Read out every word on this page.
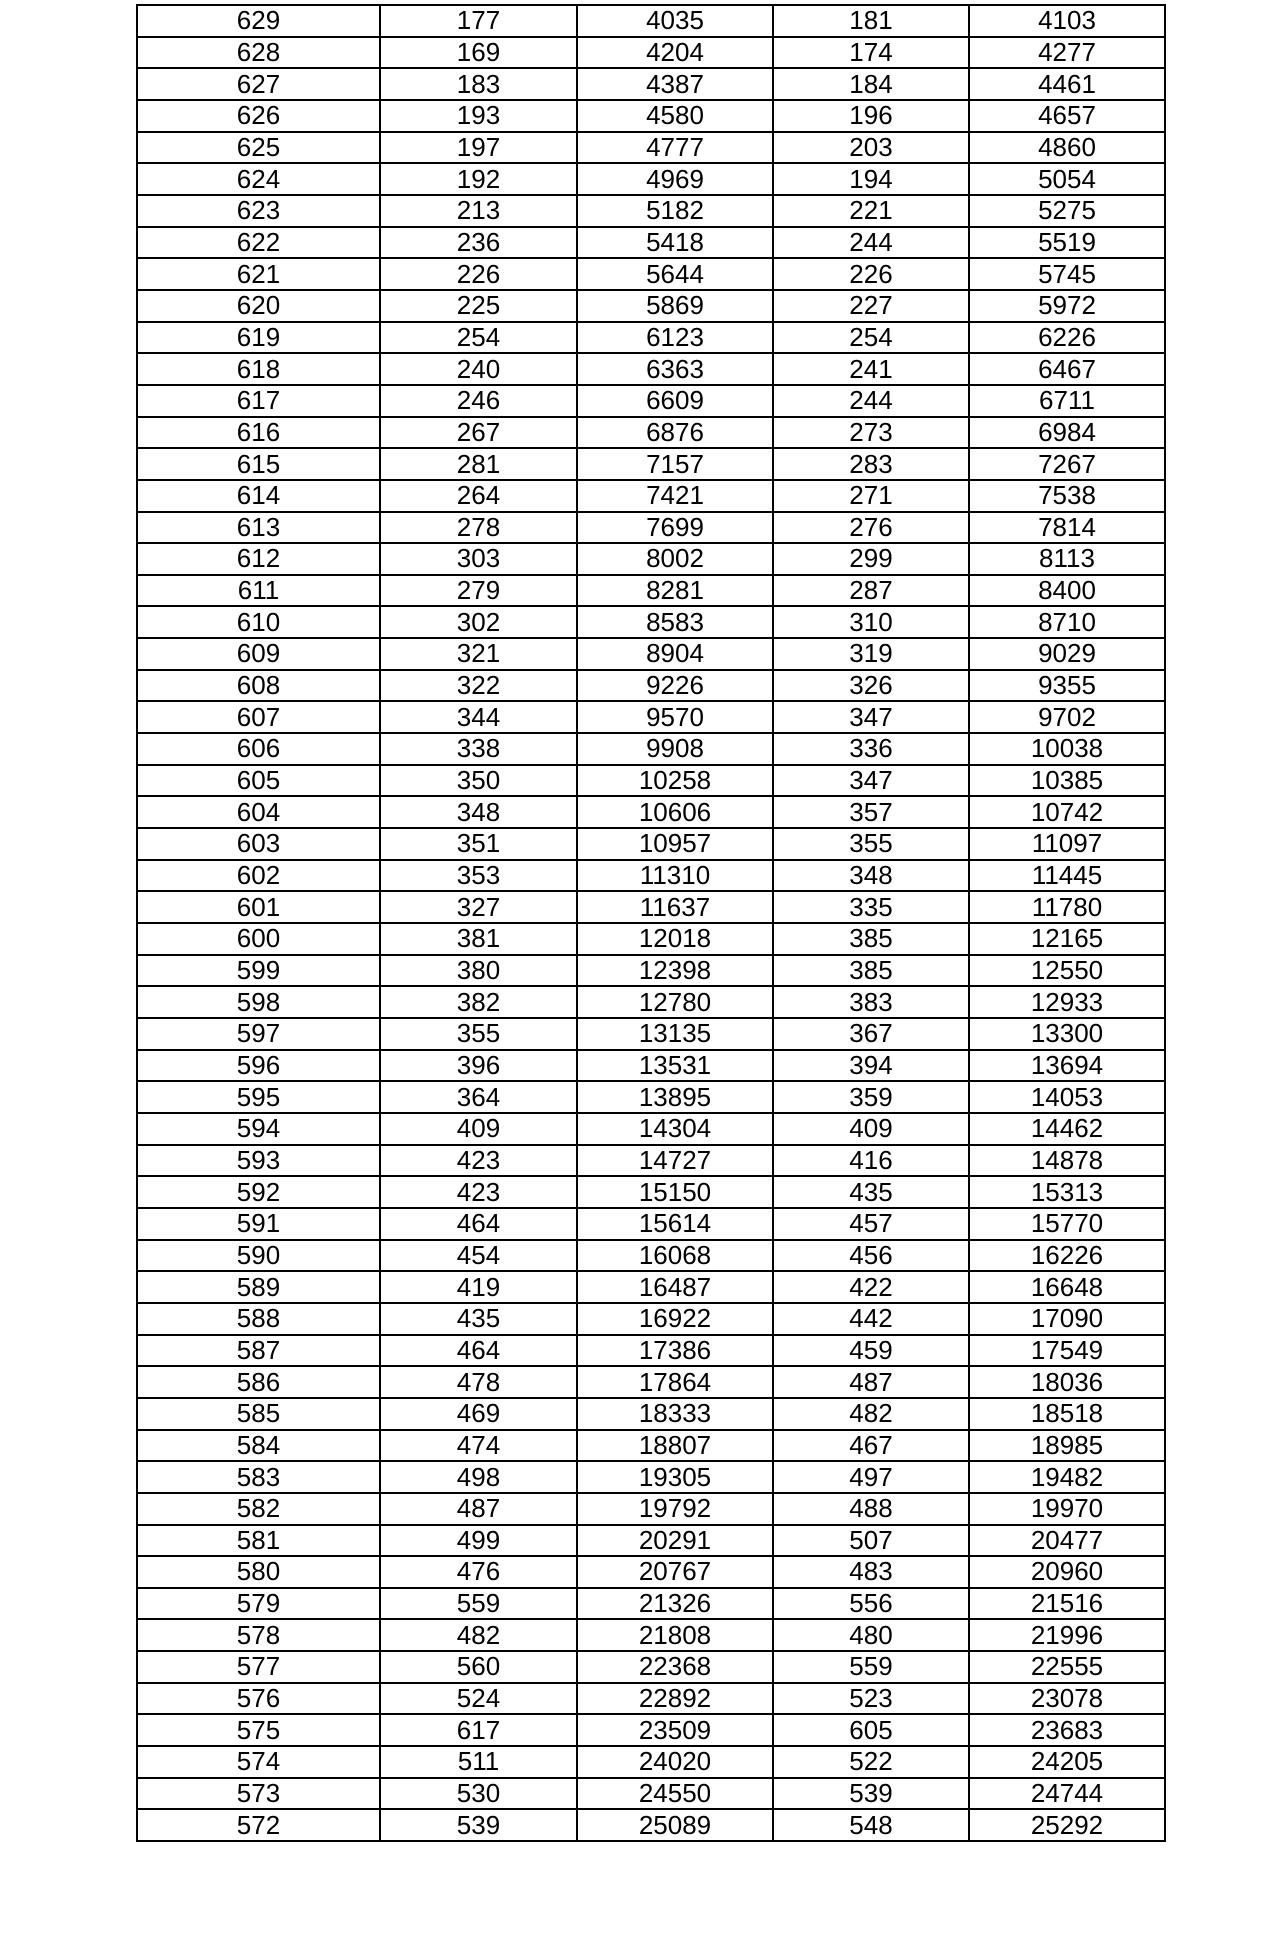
629	177	4035	181	4103
628	169	4204	174	4277
627	183	4387	184	4461
626	193	4580	196	4657
625	197	4777	203	4860
624	192	4969	194	5054
623	213	5182	221	5275
622	236	5418	244	5519
621	226	5644	226	5745
620	225	5869	227	5972
619	254	6123	254	6226
618	240	6363	241	6467
617	246	6609	244	6711
616	267	6876	273	6984
615	281	7157	283	7267
614	264	7421	271	7538
613	278	7699	276	7814
612	303	8002	299	8113
611	279	8281	287	8400
610	302	8583	310	8710
609	321	8904	319	9029
608	322	9226	326	9355
607	344	9570	347	9702
606	338	9908	336	10038
605	350	10258	347	10385
604	348	10606	357	10742
603	351	10957	355	11097
602	353	11310	348	11445
601	327	11637	335	11780
600	381	12018	385	12165
599	380	12398	385	12550
598	382	12780	383	12933
597	355	13135	367	13300
596	396	13531	394	13694
595	364	13895	359	14053
594	409	14304	409	14462
593	423	14727	416	14878
592	423	15150	435	15313
591	464	15614	457	15770
590	454	16068	456	16226
589	419	16487	422	16648
588	435	16922	442	17090
587	464	17386	459	17549
586	478	17864	487	18036
585	469	18333	482	18518
584	474	18807	467	18985
583	498	19305	497	19482
582	487	19792	488	19970
581	499	20291	507	20477
580	476	20767	483	20960
579	559	21326	556	21516
578	482	21808	480	21996
577	560	22368	559	22555
576	524	22892	523	23078
575	617	23509	605	23683
574	511	24020	522	24205
573	530	24550	539	24744
572	539	25089	548	25292
